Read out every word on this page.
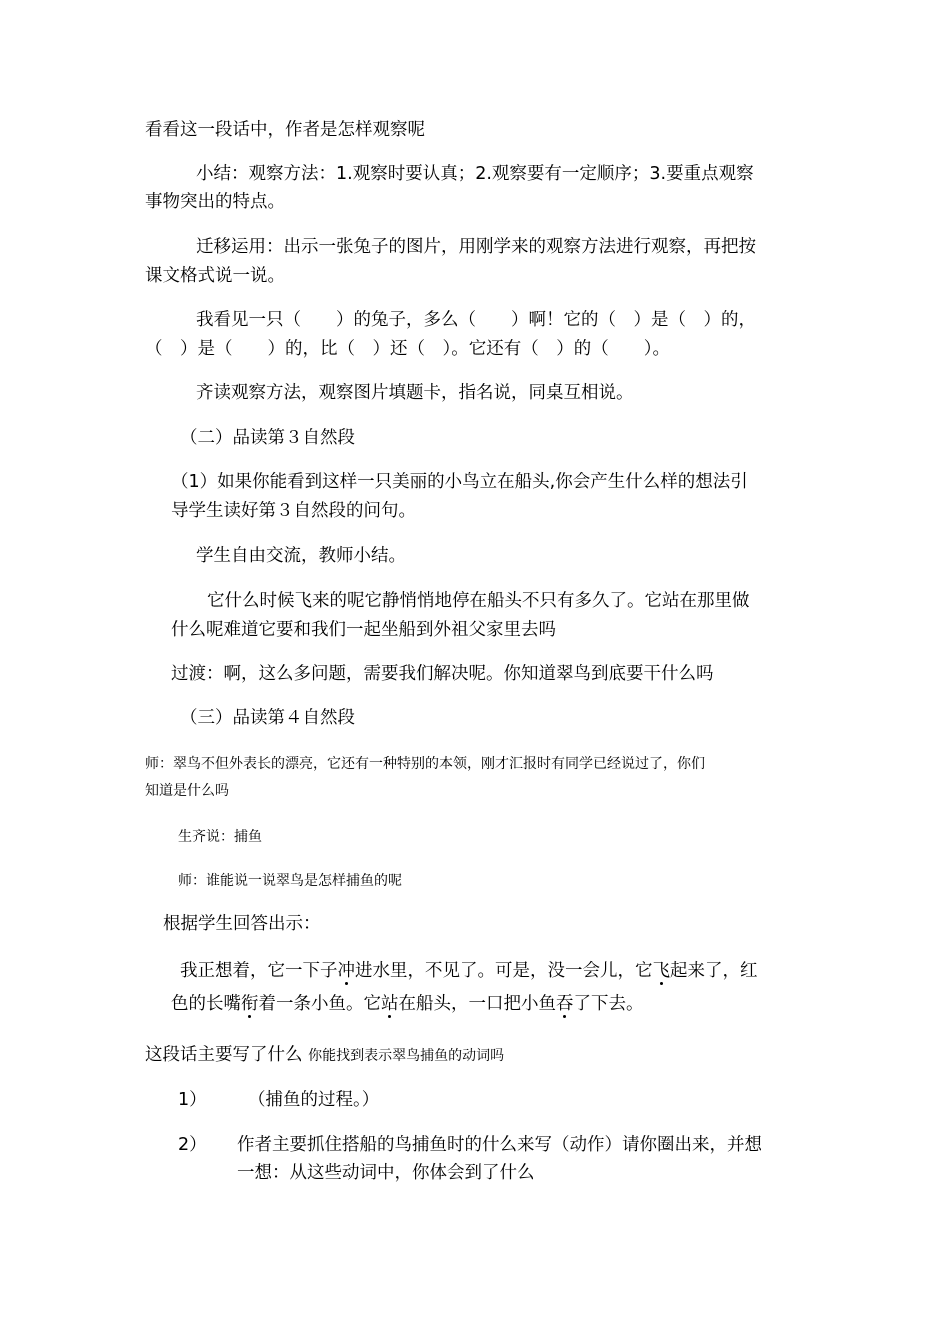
看看这一段话中，作者是怎样观察呢

小结：观察方法：1.观察时要认真；2.观察要有一定顺序；3.要重点观察

事物突出的特点。

迁移运用：出示一张兔子的图片，用刚学来的观察方法进行观察，再把按

课文格式说一说。

我看见一只（　　）的兔子，多么（　　）啊！它的（　）是（　）的，

（　）是（　　）的，比（　）还（　）。它还有（　）的（　　）。

齐读观察方法，观察图片填题卡，指名说，同桌互相说。

（二）品读第３自然段

（1）如果你能看到这样一只美丽的小鸟立在船头,你会产生什么样的想法引

导学生读好第３自然段的问句。

学生自由交流，教师小结。

它什么时候飞来的呢它静悄悄地停在船头不只有多久了。它站在那里做

什么呢难道它要和我们一起坐船到外祖父家里去吗

过渡：啊，这么多问题，需要我们解决呢。你知道翠鸟到底要干什么吗

（三）品读第４自然段

师：翠鸟不但外表长的漂亮，它还有一种特别的本领，刚才汇报时有同学已经说过了，你们

知道是什么吗

生齐说：捕鱼

师：谁能说一说翠鸟是怎样捕鱼的呢

根据学生回答出示：

我正想着，它一下子冲进水里，不见了。可是，没一会儿，它飞起来了，红

色的长嘴衔着一条小鱼。它站在船头，一口把小鱼吞了下去。

这段话主要写了什么 你能找到表示翠鸟捕鱼的动词吗

1） （捕鱼的过程。）

2） 作者主要抓住搭船的鸟捕鱼时的什么来写（动作）请你圈出来，并想

一想：从这些动词中，你体会到了什么
